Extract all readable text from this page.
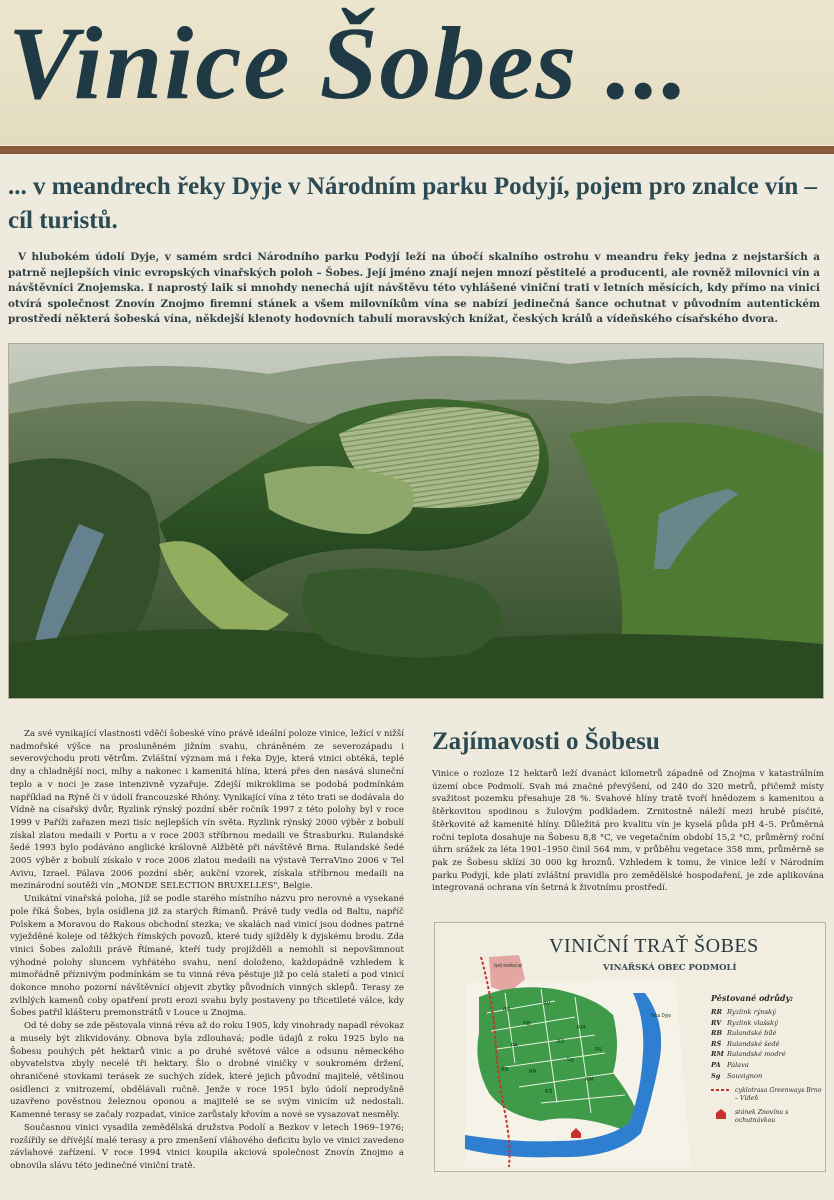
Vinice Šobes ...
... v meandrech řeky Dyje v Národním parku Podyjí, pojem pro znalce vín – cíl turistů.

V hlubokém údolí Dyje, v samém srdci Národního parku Podyjí leží na úbočí skalního ostrohu v meandru řeky jedna z nejstarších a patrně nejlepších vinic evropských vinařských poloh – Šobes. Její jméno znají nejen mnozí pěstitelé a producenti, ale rovněž milovníci vín a návštěvníci Znojemska. I naprostý laik si mnohdy nenechá ujít návštěvu této vyhlášené viniční trati v letních měsících, kdy přímo na vinici otvírá společnost Znovín Znojmo firemní stánek a všem milovníkům vína se nabízí jedinečná šance ochutnat v původním autentickém prostředí některá šobeská vína, někdejší klenoty hodovních tabulí moravských knížat, českých králů a vídeňského císařského dvora.

Za své vynikající vlastnosti vděčí šobeské víno právě ideální poloze vinice, ležící v nižší nadmořské výšce na prosluněném jižním svahu, chráněném ze severozápadu i severovýchodu proti větrům. Zvláštní význam má i řeka Dyje, která vinici obtéká, teplé dny a chladnější noci, mlhy a nakonec i kamenitá hlína, která přes den nasává sluneční teplo a v noci je zase intenzivně vyzařuje. Zdejší mikroklima se podobá podmínkám například na Rýně či v údolí francouzské Rhóny. Vynikající vína z této trati se dodávala do Vídně na císařský dvůr, Ryzlink rýnský pozdní sběr ročník 1997 z této polohy byl v roce 1999 v Paříži zařazen mezi tisíc nejlepších vín světa. Ryzlink rýnský 2000 výběr z bobulí získal zlatou medaili v Portu a v roce 2003 stříbrnou medaili ve Štrasburku. Rulandské šedé 1993 bylo podáváno anglické královně Alžbětě při návštěvě Brna. Rulandské šedé 2005 výběr z bobulí získalo v roce 2006 zlatou medaili na výstavě TerraVino 2006 v Tel Avivu, Izrael. Pálava 2006 pozdní sběr, aukční vzorek, získala stříbrnou medaili na mezinárodní soutěži vín „MONDE SELECTION BRUXELLES", Belgie.

Unikátní vinařská poloha, jíž se podle starého místního názvu pro nerovné a vysekané pole říká Šobes, byla osídlena již za starých Římanů. Právě tudy vedla od Baltu, napříč Polskem a Moravou do Rakous obchodní stezka; ve skalách nad vinicí jsou dodnes patrné vyježděné koleje od těžkých římských povozů, které tudy sjížděly k dyjskému brodu. Zda vinici Šobes založili právě Římané, kteří tudy projížděli a nemohli si nepovšimnout výhodné polohy sluncem vyhřátého svahu, není doloženo, každopádně vzhledem k mimořádně příznivým podmínkám se tu vinná réva pěstuje již po celá staletí a pod vinicí dokonce mnoho pozorní návštěvníci objevit zbytky původních vinných sklepů. Terasy ze zvlhlých kamenů coby opatření proti erozi svahu byly postaveny po třicetileté válce, kdy Šobes patřil klášteru premonstrátů v Louce u Znojma.

Od té doby se zde pěstovala vinná réva až do roku 1905, kdy vinohrady napadl révokaz a musely být zlikvidovány. Obnova byla zdlouhavá; podle údajů z roku 1925 bylo na Šobesu pouhých pět hektarů vinic a po druhé světové válce a odsunu německého obyvatelstva zbyly necelé tři hektary. Šlo o drobné viničky v soukromém držení, ohraničené stovkami terásek ze suchých zídek, které jejich původní majitelé, většinou osídlenci z vnitrozemí, obdělávali ručně. Jenže v roce 1951 bylo údolí neprodyšně uzavřeno pověstnou železnou oponou a majitelé se se svým vinicím už nedostali. Kamenné terasy se začaly rozpadat, vinice zarůstaly křovím a nové se vysazovat nesměly.

Současnou vinici vysadila zemědělská družstva Podolí a Bezkov v letech 1969–1976; rozšířily se dřívější malé terasy a pro zmenšení vláhového deficitu bylo ve vinici zavedeno závlahové zařízení. V roce 1994 vinici koupila akciová společnost Znovín Znojmo a obnovila slávu této jedinečné viniční tratě.

Zajímavosti o Šobesu

Vinice o rozloze 12 hektarů leží dvanáct kilometrů západně od Znojma v katastrálním území obce Podmolí. Svah má značné převýšení, od 240 do 320 metrů, přičemž místy svažitost pozemku přesahuje 28 %. Svahové hlíny tratě tvoří hnědozem s kamenitou a štěrkovitou spodinou s žulovým podkladem. Zrnitostně náleží mezi hrubě písčité, štěrkovité až kamenité hlíny. Důležitá pro kvalitu vín je kyselá půda pH 4–5. Průměrná roční teplota dosahuje na Šobesu 8,8 °C, ve vegetačním období 15,2 °C, průměrný roční úhrn srážek za léta 1901–1950 činil 564 mm, v průběhu vegetace 358 mm, průměrně se pak ze Šobesu sklízí 30 000 kg hroznů. Vzhledem k tomu, že vinice leží v Národním parku Podyjí, kde platí zvláštní pravidla pro zemědělské hospodaření, je zde aplikována integrovaná ochrana vín šetrná k životnímu prostředí.

VINIČNÍ TRAŤ ŠOBES

VINAŘSKÁ OBEC PODMOLÍ

bývalý meruňkový sad
řeka Dyje
RR
RV
RB
RŠ
RM
PA
Sg
RR
RŠ
RV
RB
RM
Pěstované odrůdy:
RR Ryzlink rýnský
RV Ryzlink vlašský
RB Rulandské bílé
RŠ Rulandské šedé
RM Rulandské modré
PA Pálava
Sg	Sauvignon
cyklotrasa Greenways Brno – Vídeň
stánek Znovínu s ochutnávkou
